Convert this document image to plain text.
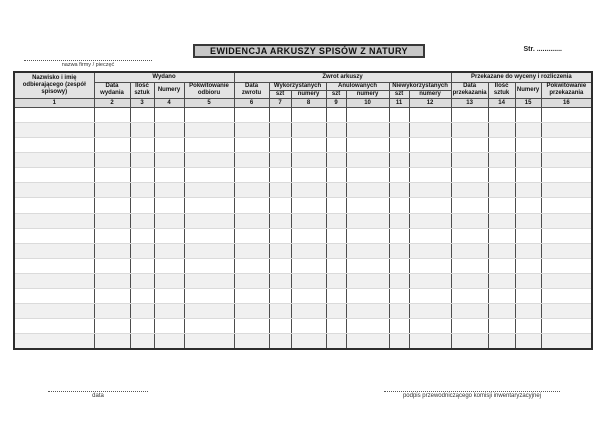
EWIDENCJA ARKUSZY SPISÓW Z NATURY	Str. .............
nazwa firmy / pieczęć
Nazwisko i imię odbierającego (zespół spisowy)	Wydano				Zwrot arkuszy							Przekazane do wyceny i rozliczenia			
	Data wydania	Ilość sztuk	Numery	Pokwitowanie odbioru	Data zwrotu	Wykorzystanych		Anulowanych		Niewykorzystanych		Data przekazania	Ilość sztuk	Numery	Pokwitowanie przekazania
						szt	numery	szt	numery	szt	numery				
1	2	3	4	5	6	7	8	9	10	11	12	13	14	15	16

data	podpis przewodniczącego komisji inwentaryzacyjnej
